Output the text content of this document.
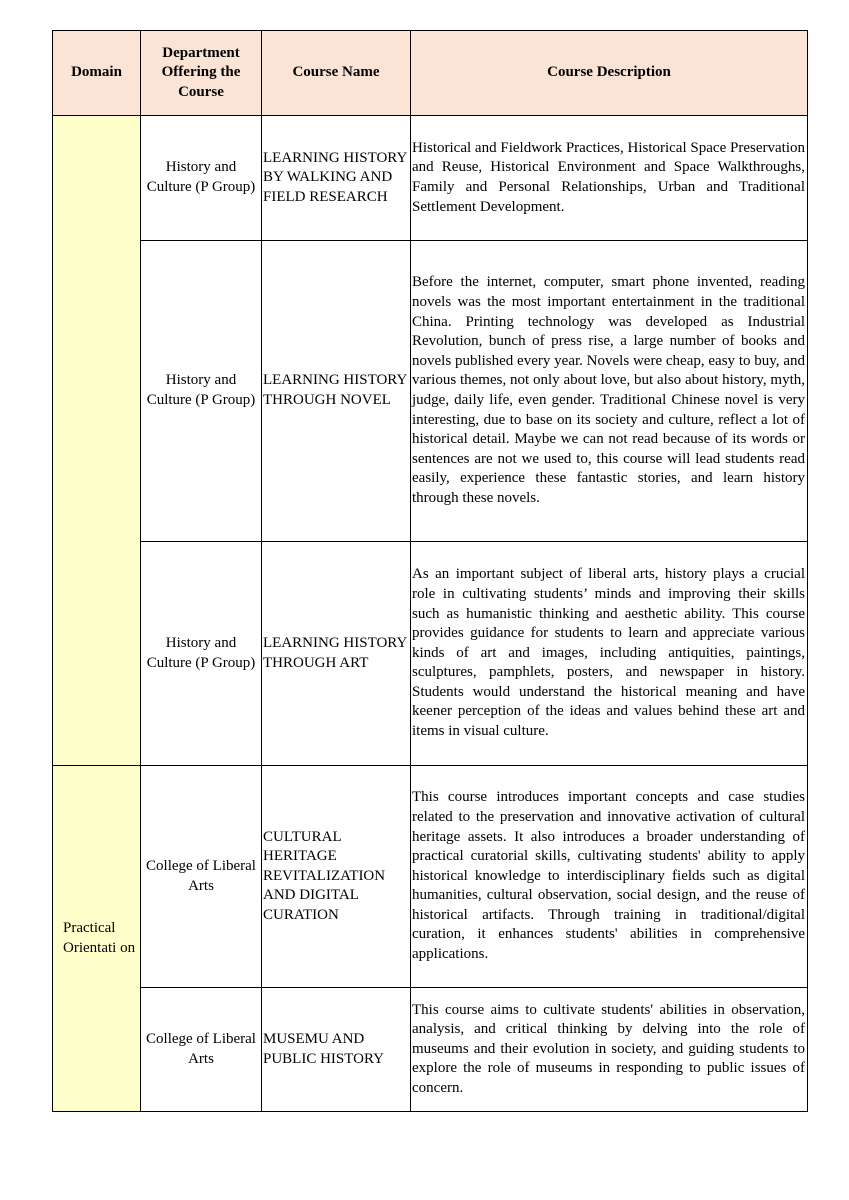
Domain	Department Offering the Course	Course Name	Course Description
	History and Culture (P Group)	LEARNING HISTORY BY WALKING AND FIELD RESEARCH	Historical and Fieldwork Practices, Historical Space Preservation and Reuse, Historical Environment and Space Walkthroughs, Family and Personal Relationships, Urban and Traditional Settlement Development.
	History and Culture (P Group)	LEARNING HISTORY THROUGH NOVEL	Before the internet, computer, smart phone invented, reading novels was the most important entertainment in the traditional China. Printing technology was developed as Industrial Revolution, bunch of press rise, a large number of books and novels published every year. Novels were cheap, easy to buy, and various themes, not only about love, but also about history, myth, judge, daily life, even gender. Traditional Chinese novel is very interesting, due to base on its society and culture, reflect a lot of historical detail. Maybe we can not read because of its words or sentences are not we used to, this course will lead students read easily, experience these fantastic stories, and learn history through these novels.
	History and Culture (P Group)	LEARNING HISTORY THROUGH ART	As an important subject of liberal arts, history plays a crucial role in cultivating students’ minds and improving their skills such as humanistic thinking and aesthetic ability. This course provides guidance for students to learn and appreciate various kinds of art and images, including antiquities, paintings, sculptures, pamphlets, posters, and newspaper in history. Students would understand the historical meaning and have keener perception of the ideas and values behind these art and items in visual culture.
Practical Orientati on	College of Liberal Arts	CULTURAL HERITAGE REVITALIZATION AND DIGITAL CURATION	This course introduces important concepts and case studies related to the preservation and innovative activation of cultural heritage assets. It also introduces a broader understanding of practical curatorial skills, cultivating students' ability to apply historical knowledge to interdisciplinary fields such as digital humanities, cultural observation, social design, and the reuse of historical artifacts. Through training in traditional/digital curation, it enhances students' abilities in comprehensive applications.
	College of Liberal Arts	MUSEMU AND PUBLIC HISTORY	This course aims to cultivate students' abilities in observation, analysis, and critical thinking by delving into the role of museums and their evolution in society, and guiding students to explore the role of museums in responding to public issues of concern.
